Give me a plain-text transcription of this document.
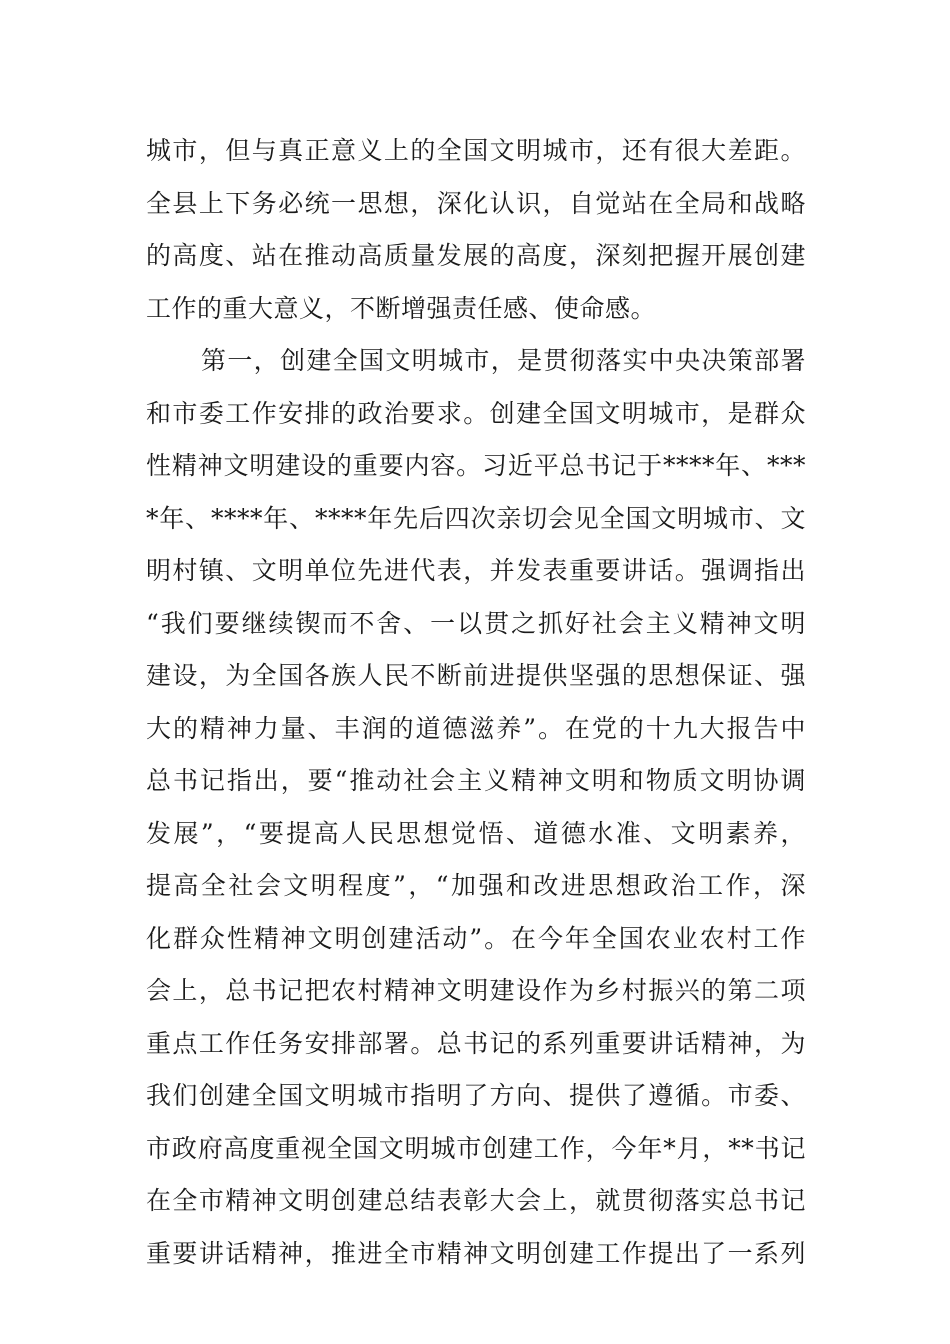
城市，但与真正意义上的全国文明城市，还有很大差距。
全县上下务必统一思想，深化认识，自觉站在全局和战略
的高度、站在推动高质量发展的高度，深刻把握开展创建
工作的重大意义，不断增强责任感、使命感。
第一，创建全国文明城市，是贯彻落实中央决策部署
和市委工作安排的政治要求。创建全国文明城市，是群众
性精神文明建设的重要内容。习近平总书记于****年、***
*年、****年、****年先后四次亲切会见全国文明城市、文
明村镇、文明单位先进代表，并发表重要讲话。强调指出
“我们要继续锲而不舍、一以贯之抓好社会主义精神文明
建设，为全国各族人民不断前进提供坚强的思想保证、强
大的精神力量、丰润的道德滋养”。在党的十九大报告中
总书记指出，要“推动社会主义精神文明和物质文明协调
发展”，“要提高人民思想觉悟、道德水准、文明素养，
提高全社会文明程度”，“加强和改进思想政治工作，深
化群众性精神文明创建活动”。在今年全国农业农村工作
会上，总书记把农村精神文明建设作为乡村振兴的第二项
重点工作任务安排部署。总书记的系列重要讲话精神，为
我们创建全国文明城市指明了方向、提供了遵循。市委、
市政府高度重视全国文明城市创建工作，今年*月，**书记
在全市精神文明创建总结表彰大会上，就贯彻落实总书记
重要讲话精神，推进全市精神文明创建工作提出了一系列
